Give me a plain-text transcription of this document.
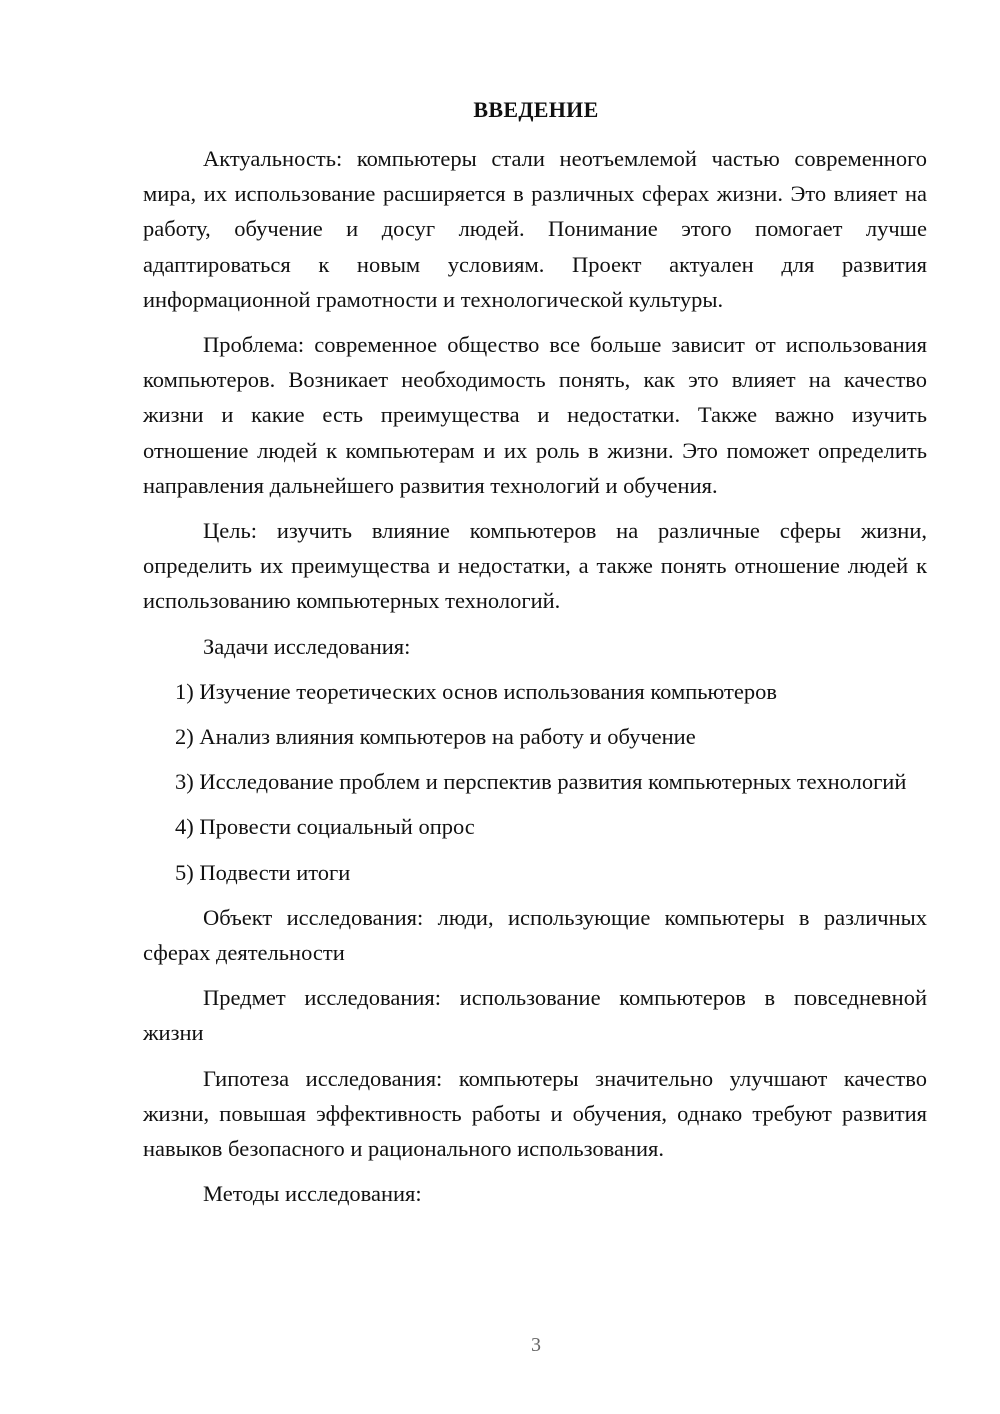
ВВЕДЕНИЕ

Актуальность: компьютеры стали неотъемлемой частью современного мира, их использование расширяется в различных сферах жизни. Это влияет на работу, обучение и досуг людей. Понимание этого помогает лучше адаптироваться к новым условиям. Проект актуален для развития информационной грамотности и технологической культуры.

Проблема: современное общество все больше зависит от использования компьютеров. Возникает необходимость понять, как это влияет на качество жизни и какие есть преимущества и недостатки. Также важно изучить отношение людей к компьютерам и их роль в жизни. Это поможет определить направления дальнейшего развития технологий и обучения.

Цель: изучить влияние компьютеров на различные сферы жизни, определить их преимущества и недостатки, а также понять отношение людей к использованию компьютерных технологий.

Задачи исследования:

1) Изучение теоретических основ использования компьютеров

2) Анализ влияния компьютеров на работу и обучение

3) Исследование проблем и перспектив развития компьютерных технологий

4) Провести социальный опрос

5) Подвести итоги

Объект исследования: люди, использующие компьютеры в различных сферах деятельности

Предмет исследования: использование компьютеров в повседневной жизни

Гипотеза исследования: компьютеры значительно улучшают качество жизни, повышая эффективность работы и обучения, однако требуют развития навыков безопасного и рационального использования.

Методы исследования:

3
